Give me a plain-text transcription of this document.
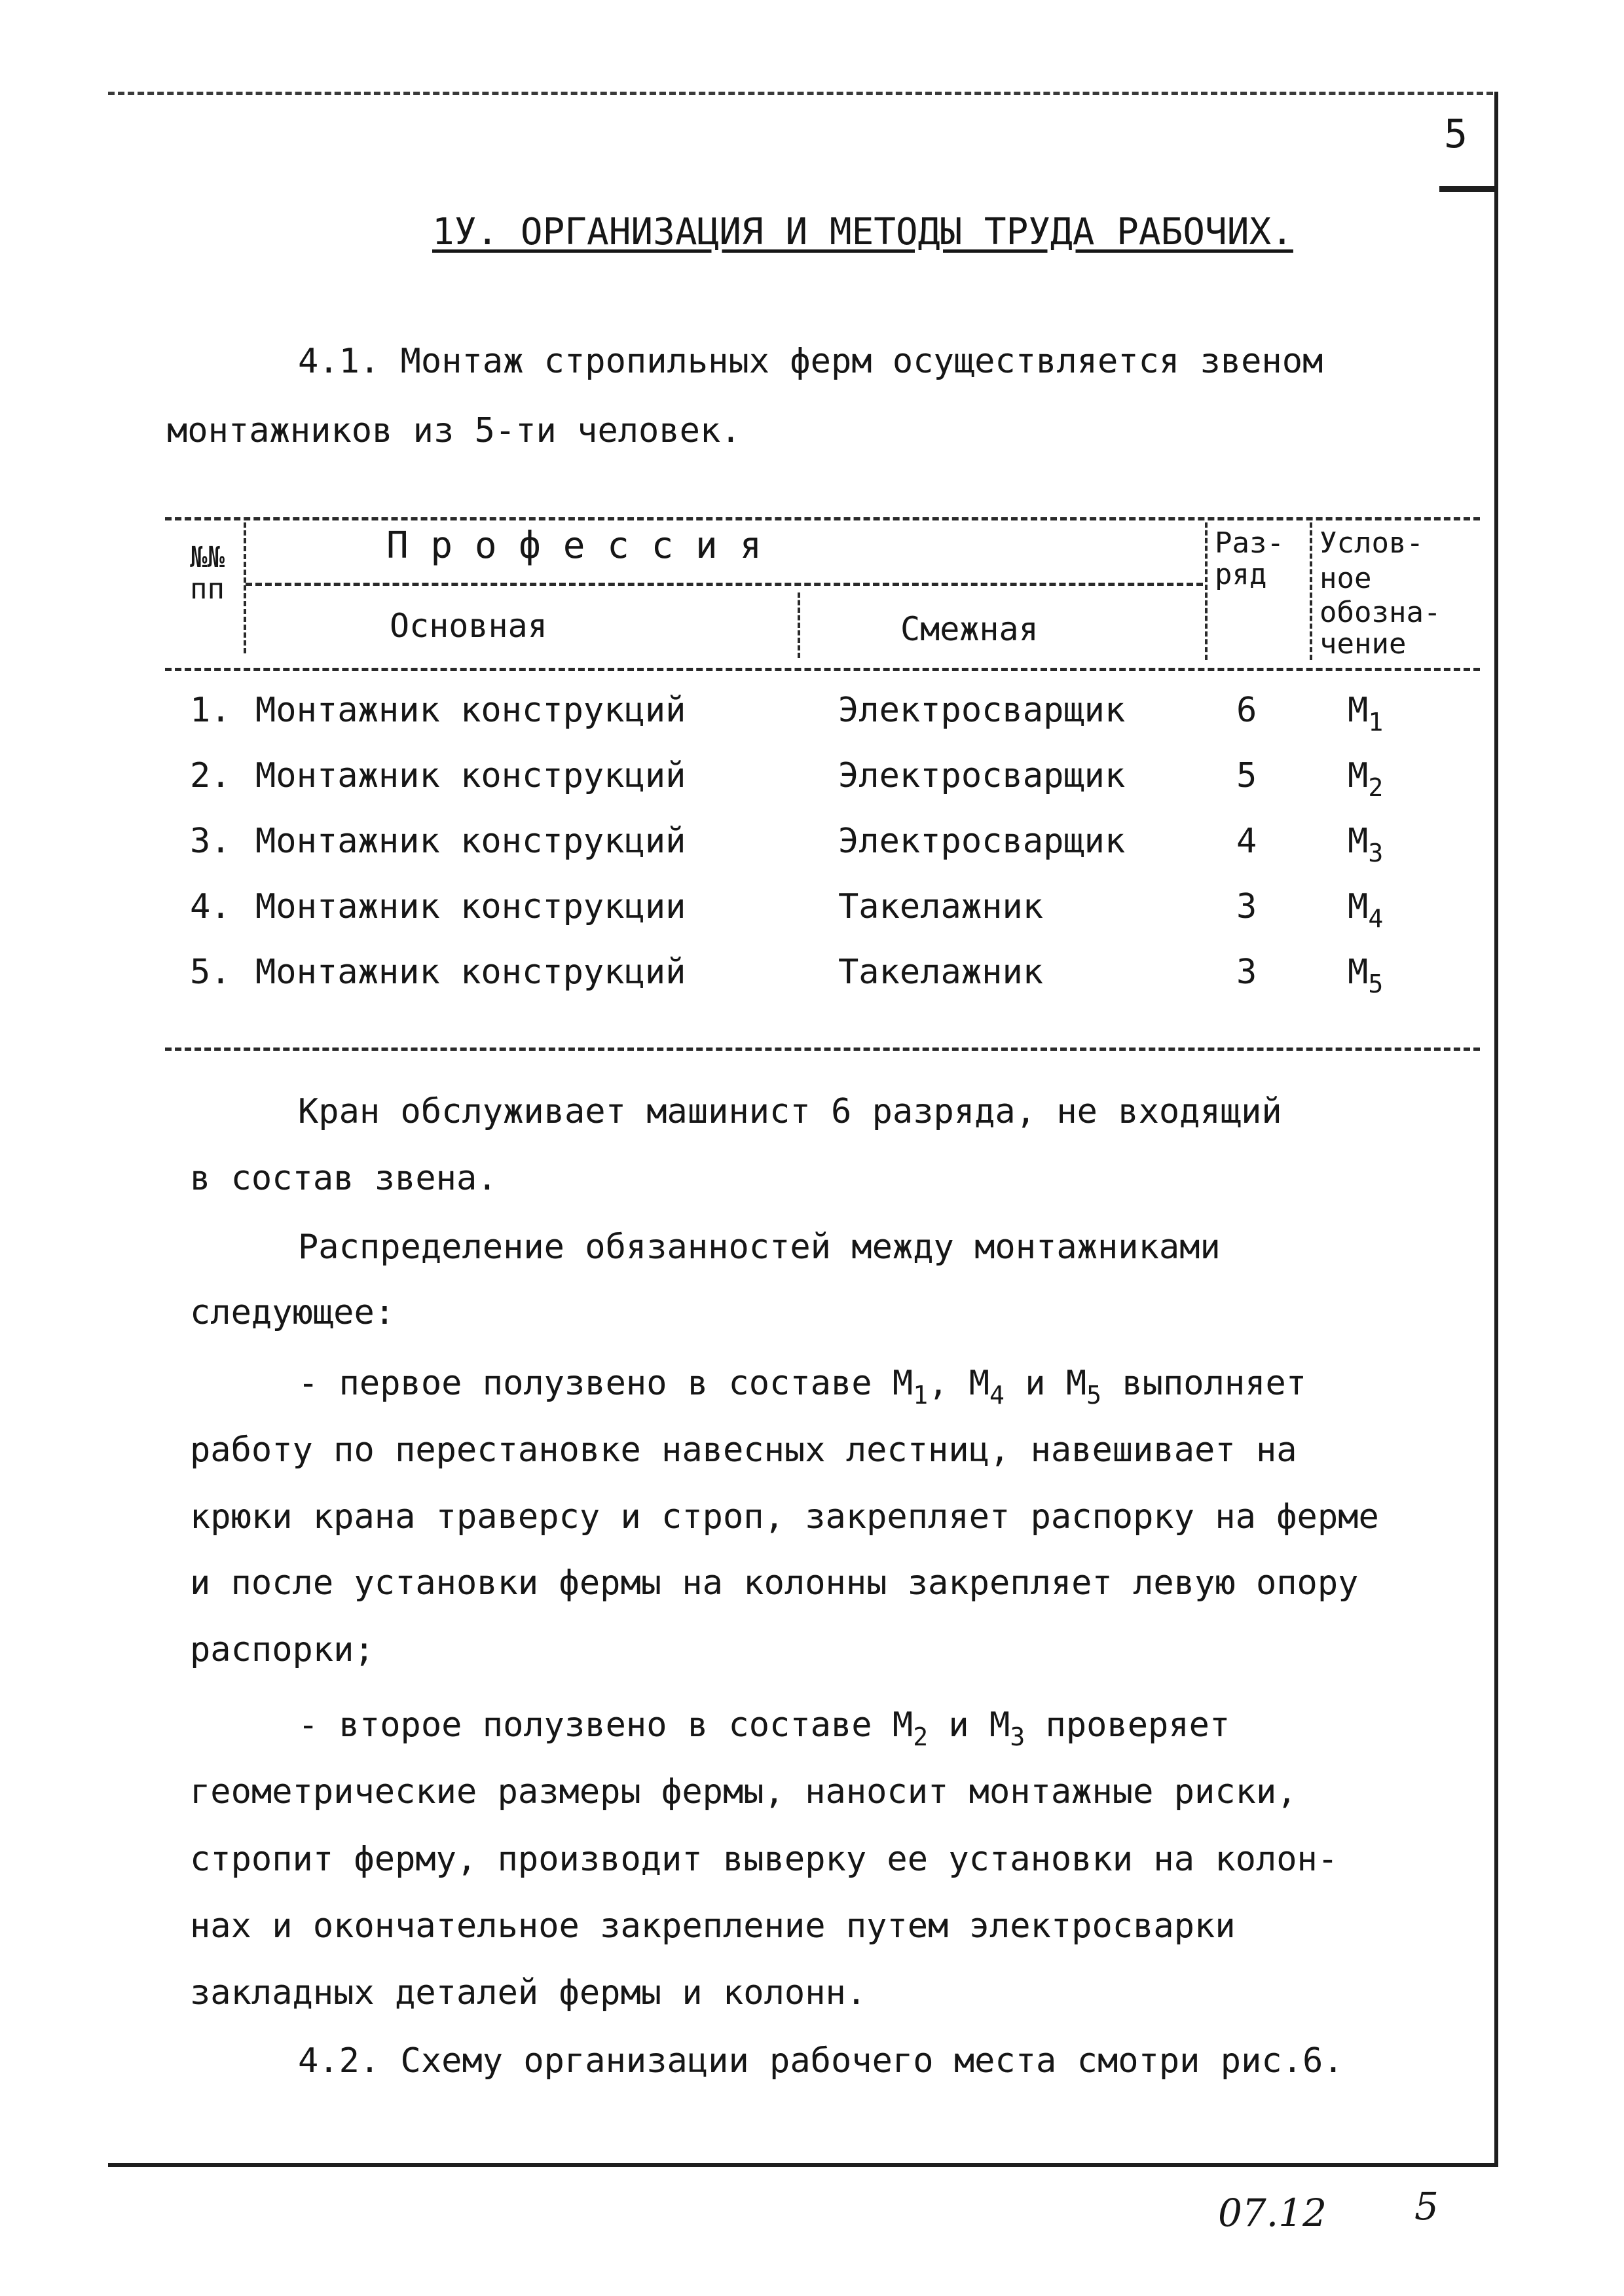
5
1У. ОРГАНИЗАЦИЯ И МЕТОДЫ ТРУДА РАБОЧИХ.
4.1. Монтаж стропильных ферм осуществляется звеном
монтажников из 5-ти человек.
№№
пп
П р о ф е с с и я
Основная	Смежная
Раз-
ряд
Услов-
ное
обозна-
чение
1. Монтажник конструкций	Электросварщик	6	$М_1$
2. Монтажник конструкций	Электросварщик	5	$М_2$
3. Монтажник конструкций	Электросварщик	4	$М_3$
4. Монтажник конструкции	Такелажник	3	$М_4$
5. Монтажник конструкций	Такелажник	3	$М_5$
Кран обслуживает машинист 6 разряда, не входящий
в состав звена.
Распределение обязанностей между монтажниками
следующее:
- первое полузвено в составе $М_1$, $М_4$ и $М_5$ выполняет
работу по перестановке навесных лестниц, навешивает на
крюки крана траверсу и строп, закрепляет распорку на ферме
и после установки фермы на колонны закрепляет левую опору
распорки;
- второе полузвено в составе $М_2$ и $М_3$ проверяет
геометрические размеры фермы, наносит монтажные риски,
стропит ферму, производит выверку ее установки на колон-
нах и окончательное закрепление путем электросварки
закладных деталей фермы и колонн.
4.2. Схему организации рабочего места смотри рис.6.
07.12 5
